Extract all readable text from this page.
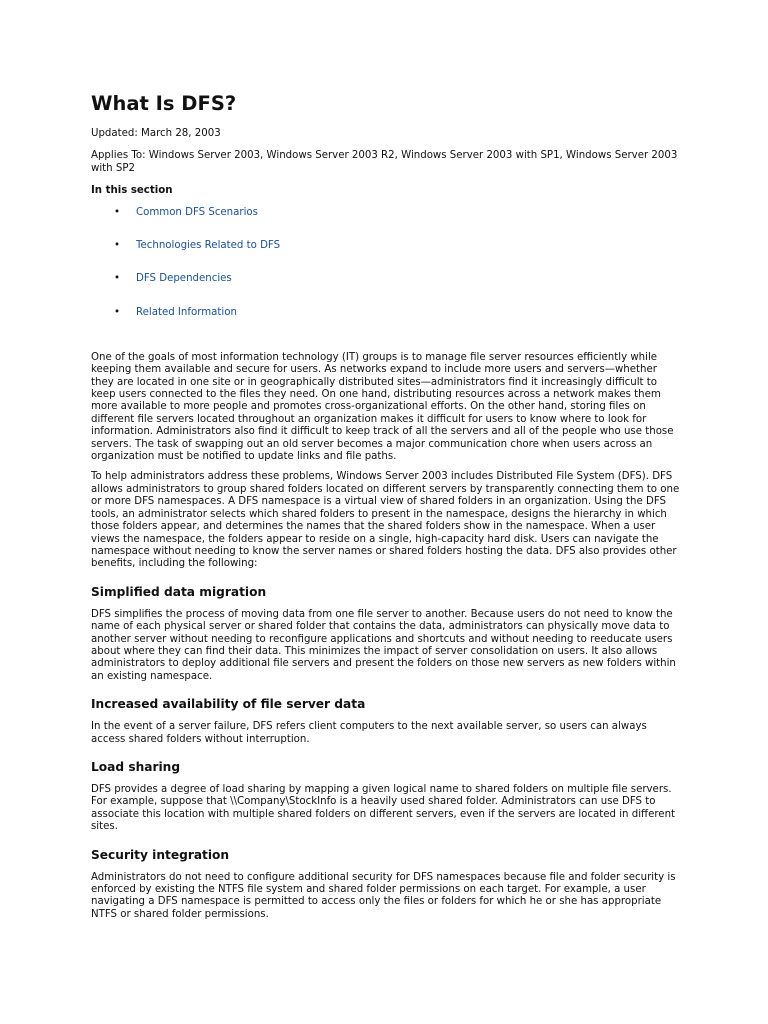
What Is DFS?

Updated: March 28, 2003

Applies To: Windows Server 2003, Windows Server 2003 R2, Windows Server 2003 with SP1, Windows Server 2003 with SP2

In this section

• Common DFS Scenarios
• Technologies Related to DFS
• DFS Dependencies
• Related Information

One of the goals of most information technology (IT) groups is to manage file server resources efficiently while keeping them available and secure for users. As networks expand to include more users and servers—whether they are located in one site or in geographically distributed sites—administrators find it increasingly difficult to keep users connected to the files they need. On one hand, distributing resources across a network makes them more available to more people and promotes cross-organizational efforts. On the other hand, storing files on different file servers located throughout an organization makes it difficult for users to know where to look for information. Administrators also find it difficult to keep track of all the servers and all of the people who use those servers. The task of swapping out an old server becomes a major communication chore when users across an organization must be notified to update links and file paths.

To help administrators address these problems, Windows Server 2003 includes Distributed File System (DFS). DFS allows administrators to group shared folders located on different servers by transparently connecting them to one or more DFS namespaces. A DFS namespace is a virtual view of shared folders in an organization. Using the DFS tools, an administrator selects which shared folders to present in the namespace, designs the hierarchy in which those folders appear, and determines the names that the shared folders show in the namespace. When a user views the namespace, the folders appear to reside on a single, high-capacity hard disk. Users can navigate the namespace without needing to know the server names or shared folders hosting the data. DFS also provides other benefits, including the following:

Simplified data migration

DFS simplifies the process of moving data from one file server to another. Because users do not need to know the name of each physical server or shared folder that contains the data, administrators can physically move data to another server without needing to reconfigure applications and shortcuts and without needing to reeducate users about where they can find their data. This minimizes the impact of server consolidation on users. It also allows administrators to deploy additional file servers and present the folders on those new servers as new folders within an existing namespace.

Increased availability of file server data

In the event of a server failure, DFS refers client computers to the next available server, so users can always access shared folders without interruption.

Load sharing

DFS provides a degree of load sharing by mapping a given logical name to shared folders on multiple file servers. For example, suppose that \\Company\StockInfo is a heavily used shared folder. Administrators can use DFS to associate this location with multiple shared folders on different servers, even if the servers are located in different sites.

Security integration

Administrators do not need to configure additional security for DFS namespaces because file and folder security is enforced by existing the NTFS file system and shared folder permissions on each target. For example, a user navigating a DFS namespace is permitted to access only the files or folders for which he or she has appropriate NTFS or shared folder permissions.
